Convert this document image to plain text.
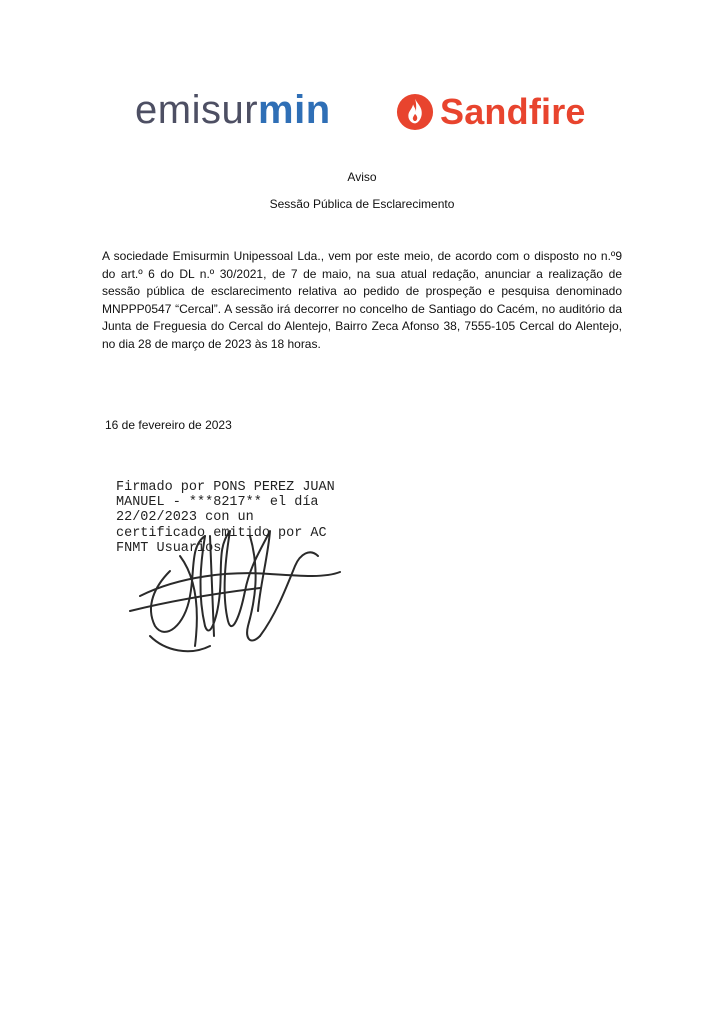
emisurmin	Sandfire
Aviso
Sessão Pública de Esclarecimento
A sociedade Emisurmin Unipessoal Lda., vem por este meio, de acordo com o disposto no n.º9 do art.º 6 do DL n.º 30/2021, de 7 de maio, na sua atual redação, anunciar a realização de sessão pública de esclarecimento relativa ao pedido de prospeção e pesquisa denominado MNPPP0547 “Cercal”. A sessão irá decorrer no concelho de Santiago do Cacém, no auditório da Junta de Freguesia do Cercal do Alentejo, Bairro Zeca Afonso 38, 7555-105 Cercal do Alentejo, no dia 28 de março de 2023 às 18 horas.
16 de fevereiro de 2023
Firmado por PONS PEREZ JUAN
MANUEL - ***8217** el día
22/02/2023 con un
certificado emitido por AC
FNMT Usuarios
